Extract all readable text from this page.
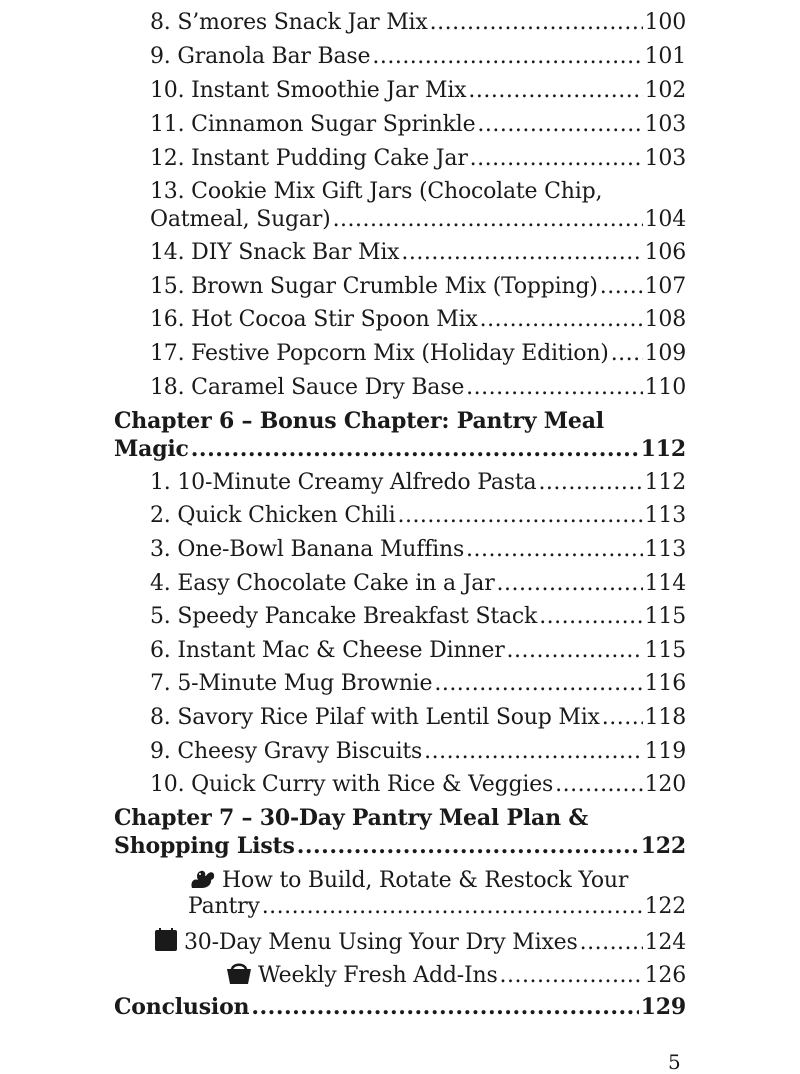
8. S’mores Snack Jar Mix .....	100
9. Granola Bar Base .....	101
10. Instant Smoothie Jar Mix .....	102
11. Cinnamon Sugar Sprinkle .....	103
12. Instant Pudding Cake Jar .....	103
13. Cookie Mix Gift Jars (Chocolate Chip,
Oatmeal, Sugar) .....	104
14. DIY Snack Bar Mix .....	106
15. Brown Sugar Crumble Mix (Topping) ..... 107
16. Hot Cocoa Stir Spoon Mix .....	108
17. Festive Popcorn Mix (Holiday Edition) ..... 109
18. Caramel Sauce Dry Base .....	110
Chapter 6 – Bonus Chapter: Pantry Meal
Magic .....	112
1. 10-Minute Creamy Alfredo Pasta .....	112
2. Quick Chicken Chili .....	113
3. One-Bowl Banana Muffins .....	113
4. Easy Chocolate Cake in a Jar .....	114
5. Speedy Pancake Breakfast Stack .....	115
6. Instant Mac & Cheese Dinner .....	115
7. 5-Minute Mug Brownie .....	116
8. Savory Rice Pilaf with Lentil Soup Mix ..... 118
9. Cheesy Gravy Biscuits .....	119
10. Quick Curry with Rice & Veggies .....	120
Chapter 7 – 30-Day Pantry Meal Plan &
Shopping Lists .....	122
How to Build, Rotate & Restock Your
Pantry .....	122
30-Day Menu Using Your Dry Mixes .....	124
Weekly Fresh Add-Ins .....	126
Conclusion .....	129
5
